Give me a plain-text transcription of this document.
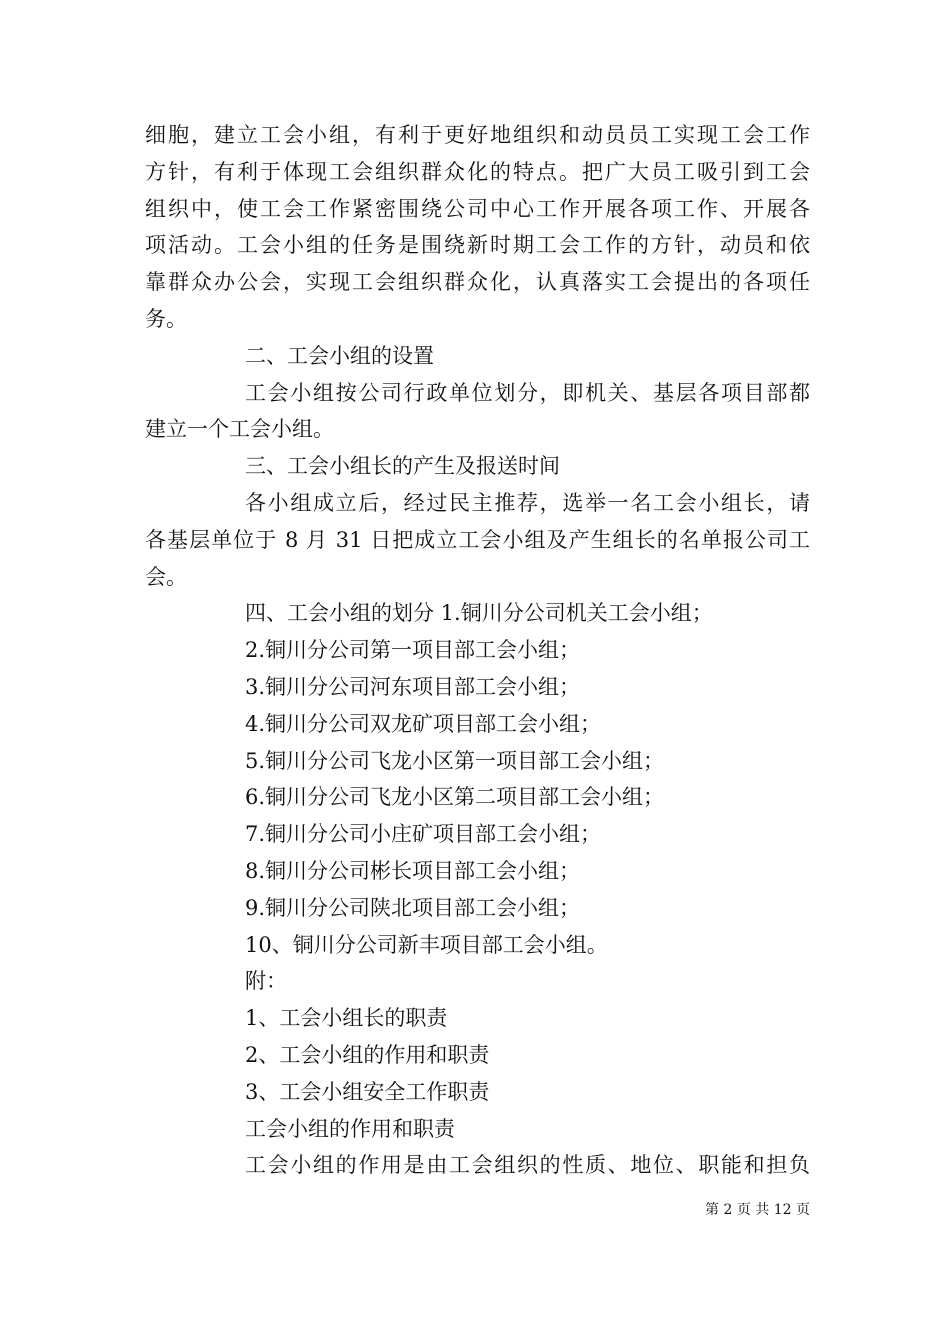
细胞，建立工会小组，有利于更好地组织和动员员工实现工会工作
方针，有利于体现工会组织群众化的特点。把广大员工吸引到工会
组织中，使工会工作紧密围绕公司中心工作开展各项工作、开展各
项活动。工会小组的任务是围绕新时期工会工作的方针，动员和依
靠群众办公会，实现工会组织群众化，认真落实工会提出的各项任
务。
二、工会小组的设置
工会小组按公司行政单位划分，即机关、基层各项目部都
建立一个工会小组。
三、工会小组长的产生及报送时间
各小组成立后，经过民主推荐，选举一名工会小组长，请
各基层单位于 8 月 31 日把成立工会小组及产生组长的名单报公司工
会。
四、工会小组的划分 1.铜川分公司机关工会小组；
2.铜川分公司第一项目部工会小组；
3.铜川分公司河东项目部工会小组；
4.铜川分公司双龙矿项目部工会小组；
5.铜川分公司飞龙小区第一项目部工会小组；
6.铜川分公司飞龙小区第二项目部工会小组；
7.铜川分公司小庄矿项目部工会小组；
8.铜川分公司彬长项目部工会小组；
9.铜川分公司陕北项目部工会小组；
10、铜川分公司新丰项目部工会小组。
附：
1、工会小组长的职责
2、工会小组的作用和职责
3、工会小组安全工作职责
工会小组的作用和职责
工会小组的作用是由工会组织的性质、地位、职能和担负
第 2 页 共 12 页
